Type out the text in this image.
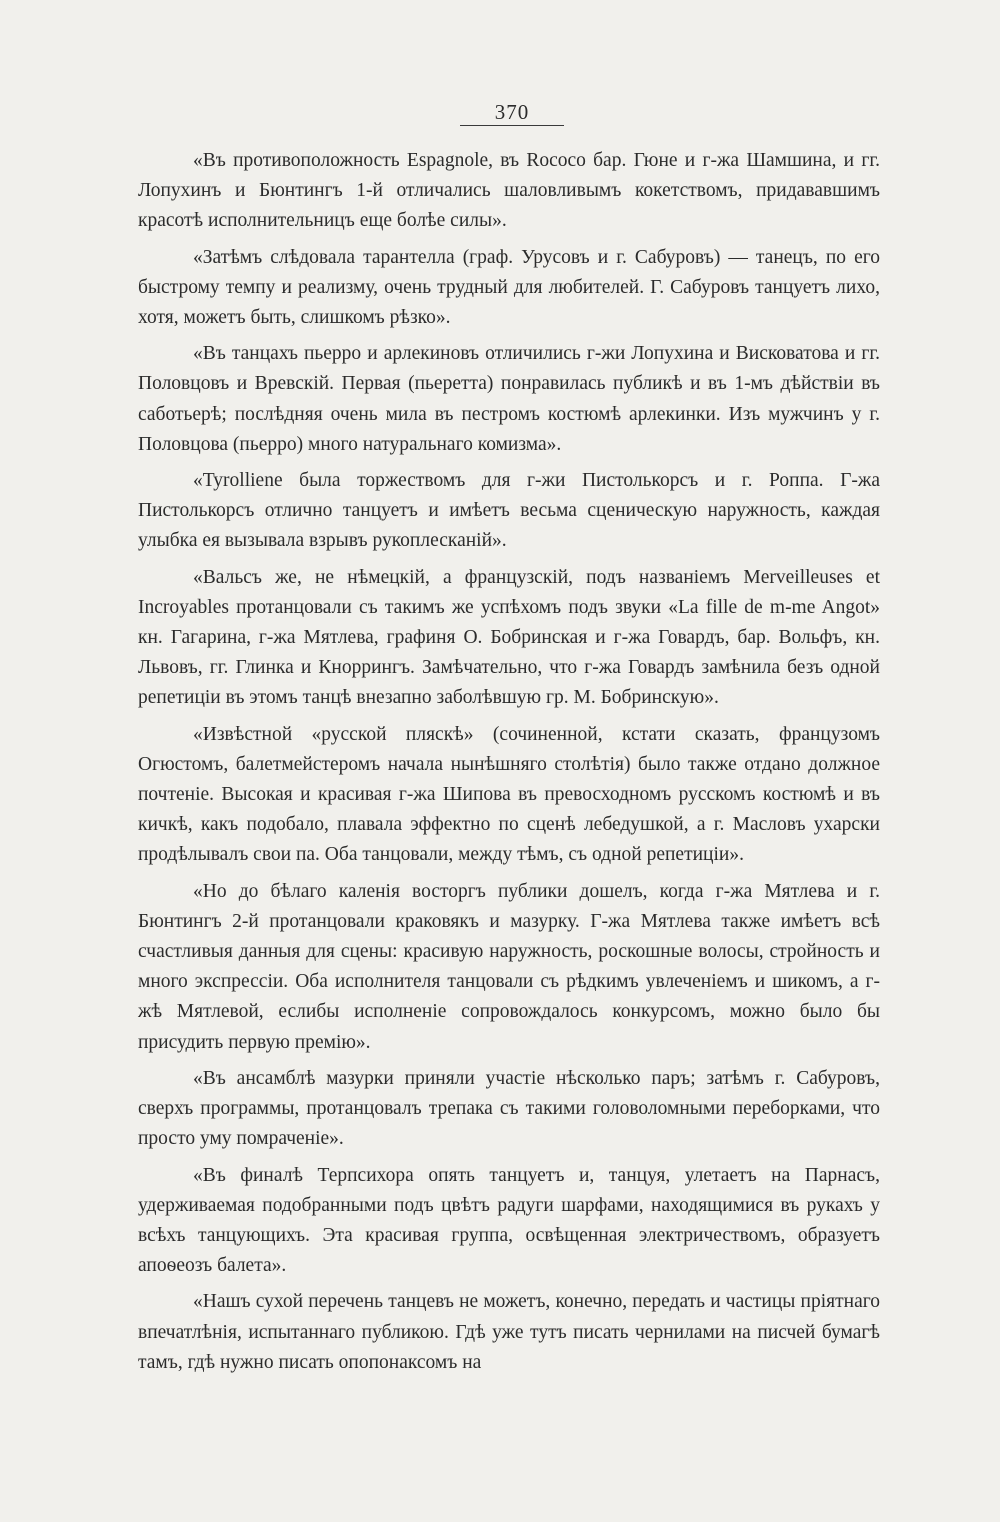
370

«Въ противоположность Espagnole, въ Rococo бар. Гюне и г-жа Шамшина, и гг. Лопухинъ и Бюнтингъ 1-й отличались шаловливымъ кокетствомъ, придававшимъ красотѣ исполнительницъ еще болѣе силы».

«Затѣмъ слѣдовала тарантелла (граф. Урусовъ и г. Сабуровъ) — танецъ, по его быстрому темпу и реализму, очень трудный для любителей. Г. Сабуровъ танцуетъ лихо, хотя, можетъ быть, слишкомъ рѣзко».

«Въ танцахъ пьерро и арлекиновъ отличились г-жи Лопухина и Висковатова и гг. Половцовъ и Вревскій. Первая (пьеретта) понравилась публикѣ и въ 1-мъ дѣйствіи въ саботьерѣ; послѣдняя очень мила въ пестромъ костюмѣ арлекинки. Изъ мужчинъ у г. Половцова (пьерро) много натуральнаго комизма».

«Tyrolliene была торжествомъ для г-жи Пистолькорсъ и г. Роппа. Г-жа Пистолькорсъ отлично танцуетъ и имѣетъ весьма сценическую наружность, каждая улыбка ея вызывала взрывъ рукоплесканій».

«Вальсъ же, не нѣмецкій, а французскій, подъ названіемъ Merveilleuses et Incroyables протанцовали съ такимъ же успѣхомъ подъ звуки «La fille de m-me Angot» кн. Гагарина, г-жа Мятлева, графиня О. Бобринская и г-жа Говардъ, бар. Вольфъ, кн. Львовъ, гг. Глинка и Кноррингъ. Замѣчательно, что г-жа Говардъ замѣнила безъ одной репетиціи въ этомъ танцѣ внезапно заболѣвшую гр. М. Бобринскую».

«Извѣстной «русской пляскѣ» (сочиненной, кстати сказать, французомъ Огюстомъ, балетмейстеромъ начала нынѣшняго столѣтія) было также отдано должное почтеніе. Высокая и красивая г-жа Шипова въ превосходномъ русскомъ костюмѣ и въ кичкѣ, какъ подобало, плавала эффектно по сценѣ лебедушкой, а г. Масловъ ухарски продѣлывалъ свои па. Оба танцовали, между тѣмъ, съ одной репетиціи».

«Но до бѣлаго каленія восторгъ публики дошелъ, когда г-жа Мятлева и г. Бюнтингъ 2-й протанцовали краковякъ и мазурку. Г-жа Мятлева также имѣетъ всѣ счастливыя данныя для сцены: красивую наружность, роскошные волосы, стройность и много экспрессіи. Оба исполнителя танцовали съ рѣдкимъ увлеченіемъ и шикомъ, а г-жѣ Мятлевой, еслибы исполненіе сопровождалось конкурсомъ, можно было бы присудить первую премію».

«Въ ансамблѣ мазурки приняли участіе нѣсколько паръ; затѣмъ г. Сабуровъ, сверхъ программы, протанцовалъ трепака съ такими головоломными переборками, что просто уму помраченіе».

«Въ финалѣ Терпсихора опять танцуетъ и, танцуя, улетаетъ на Парнасъ, удерживаемая подобранными подъ цвѣтъ радуги шарфами, находящимися въ рукахъ у всѣхъ танцующихъ. Эта красивая группа, освѣщенная электричествомъ, образуетъ апоѳеозъ балета».

«Нашъ сухой перечень танцевъ не можетъ, конечно, передать и частицы пріятнаго впечатлѣнія, испытаннаго публикою. Гдѣ уже тутъ писать чернилами на писчей бумагѣ тамъ, гдѣ нужно писать опопонаксомъ на
